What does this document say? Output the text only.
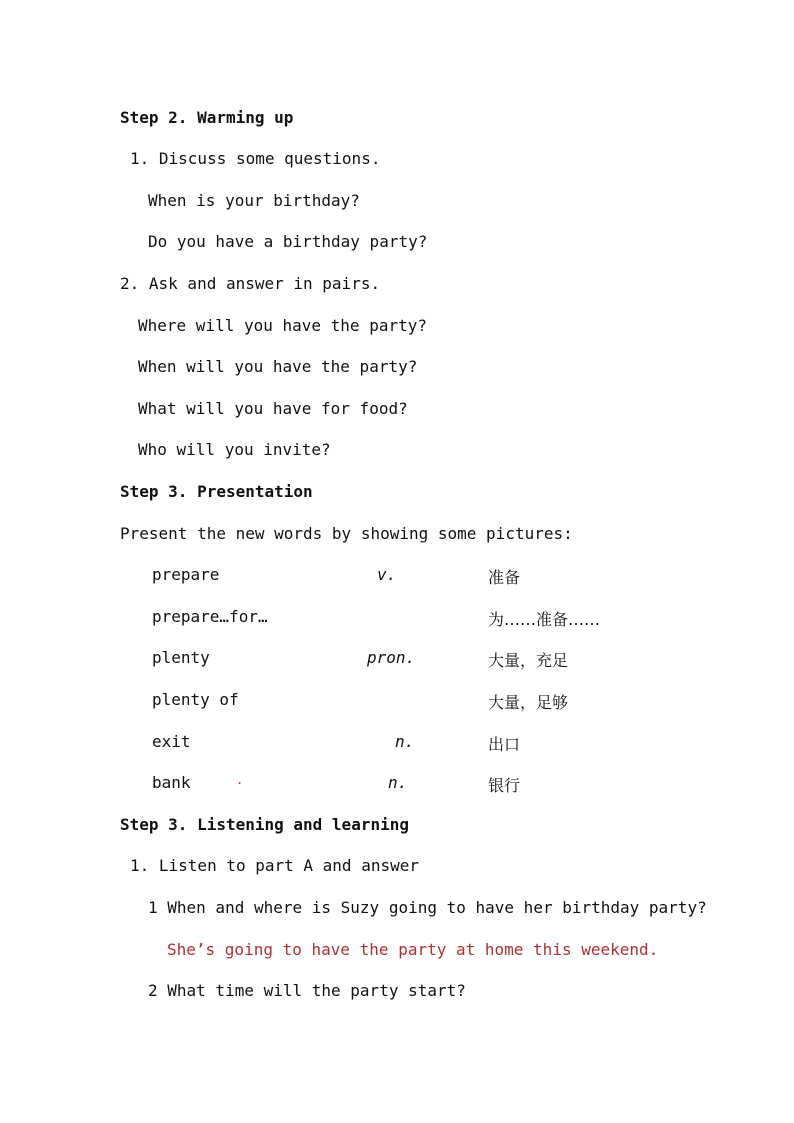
Step 2. Warming up
1. Discuss some questions.
When is your birthday?
Do you have a birthday party?
2. Ask and answer in pairs.
Where will you have the party?
When will you have the party?
What will you have for food?
Who will you invite?
Step 3. Presentation
Present the new words by showing some pictures:
prepare	v.	准备
prepare…for…	为……准备……
plenty	pron.	大量，充足
plenty of	大量，足够
exit	n.	出口
bank	.	n.	银行
Step 3. Listening and learning
1. Listen to part A and answer
1 When and where is Suzy going to have her birthday party?
She’s going to have the party at home this weekend.
2 What time will the party start?
